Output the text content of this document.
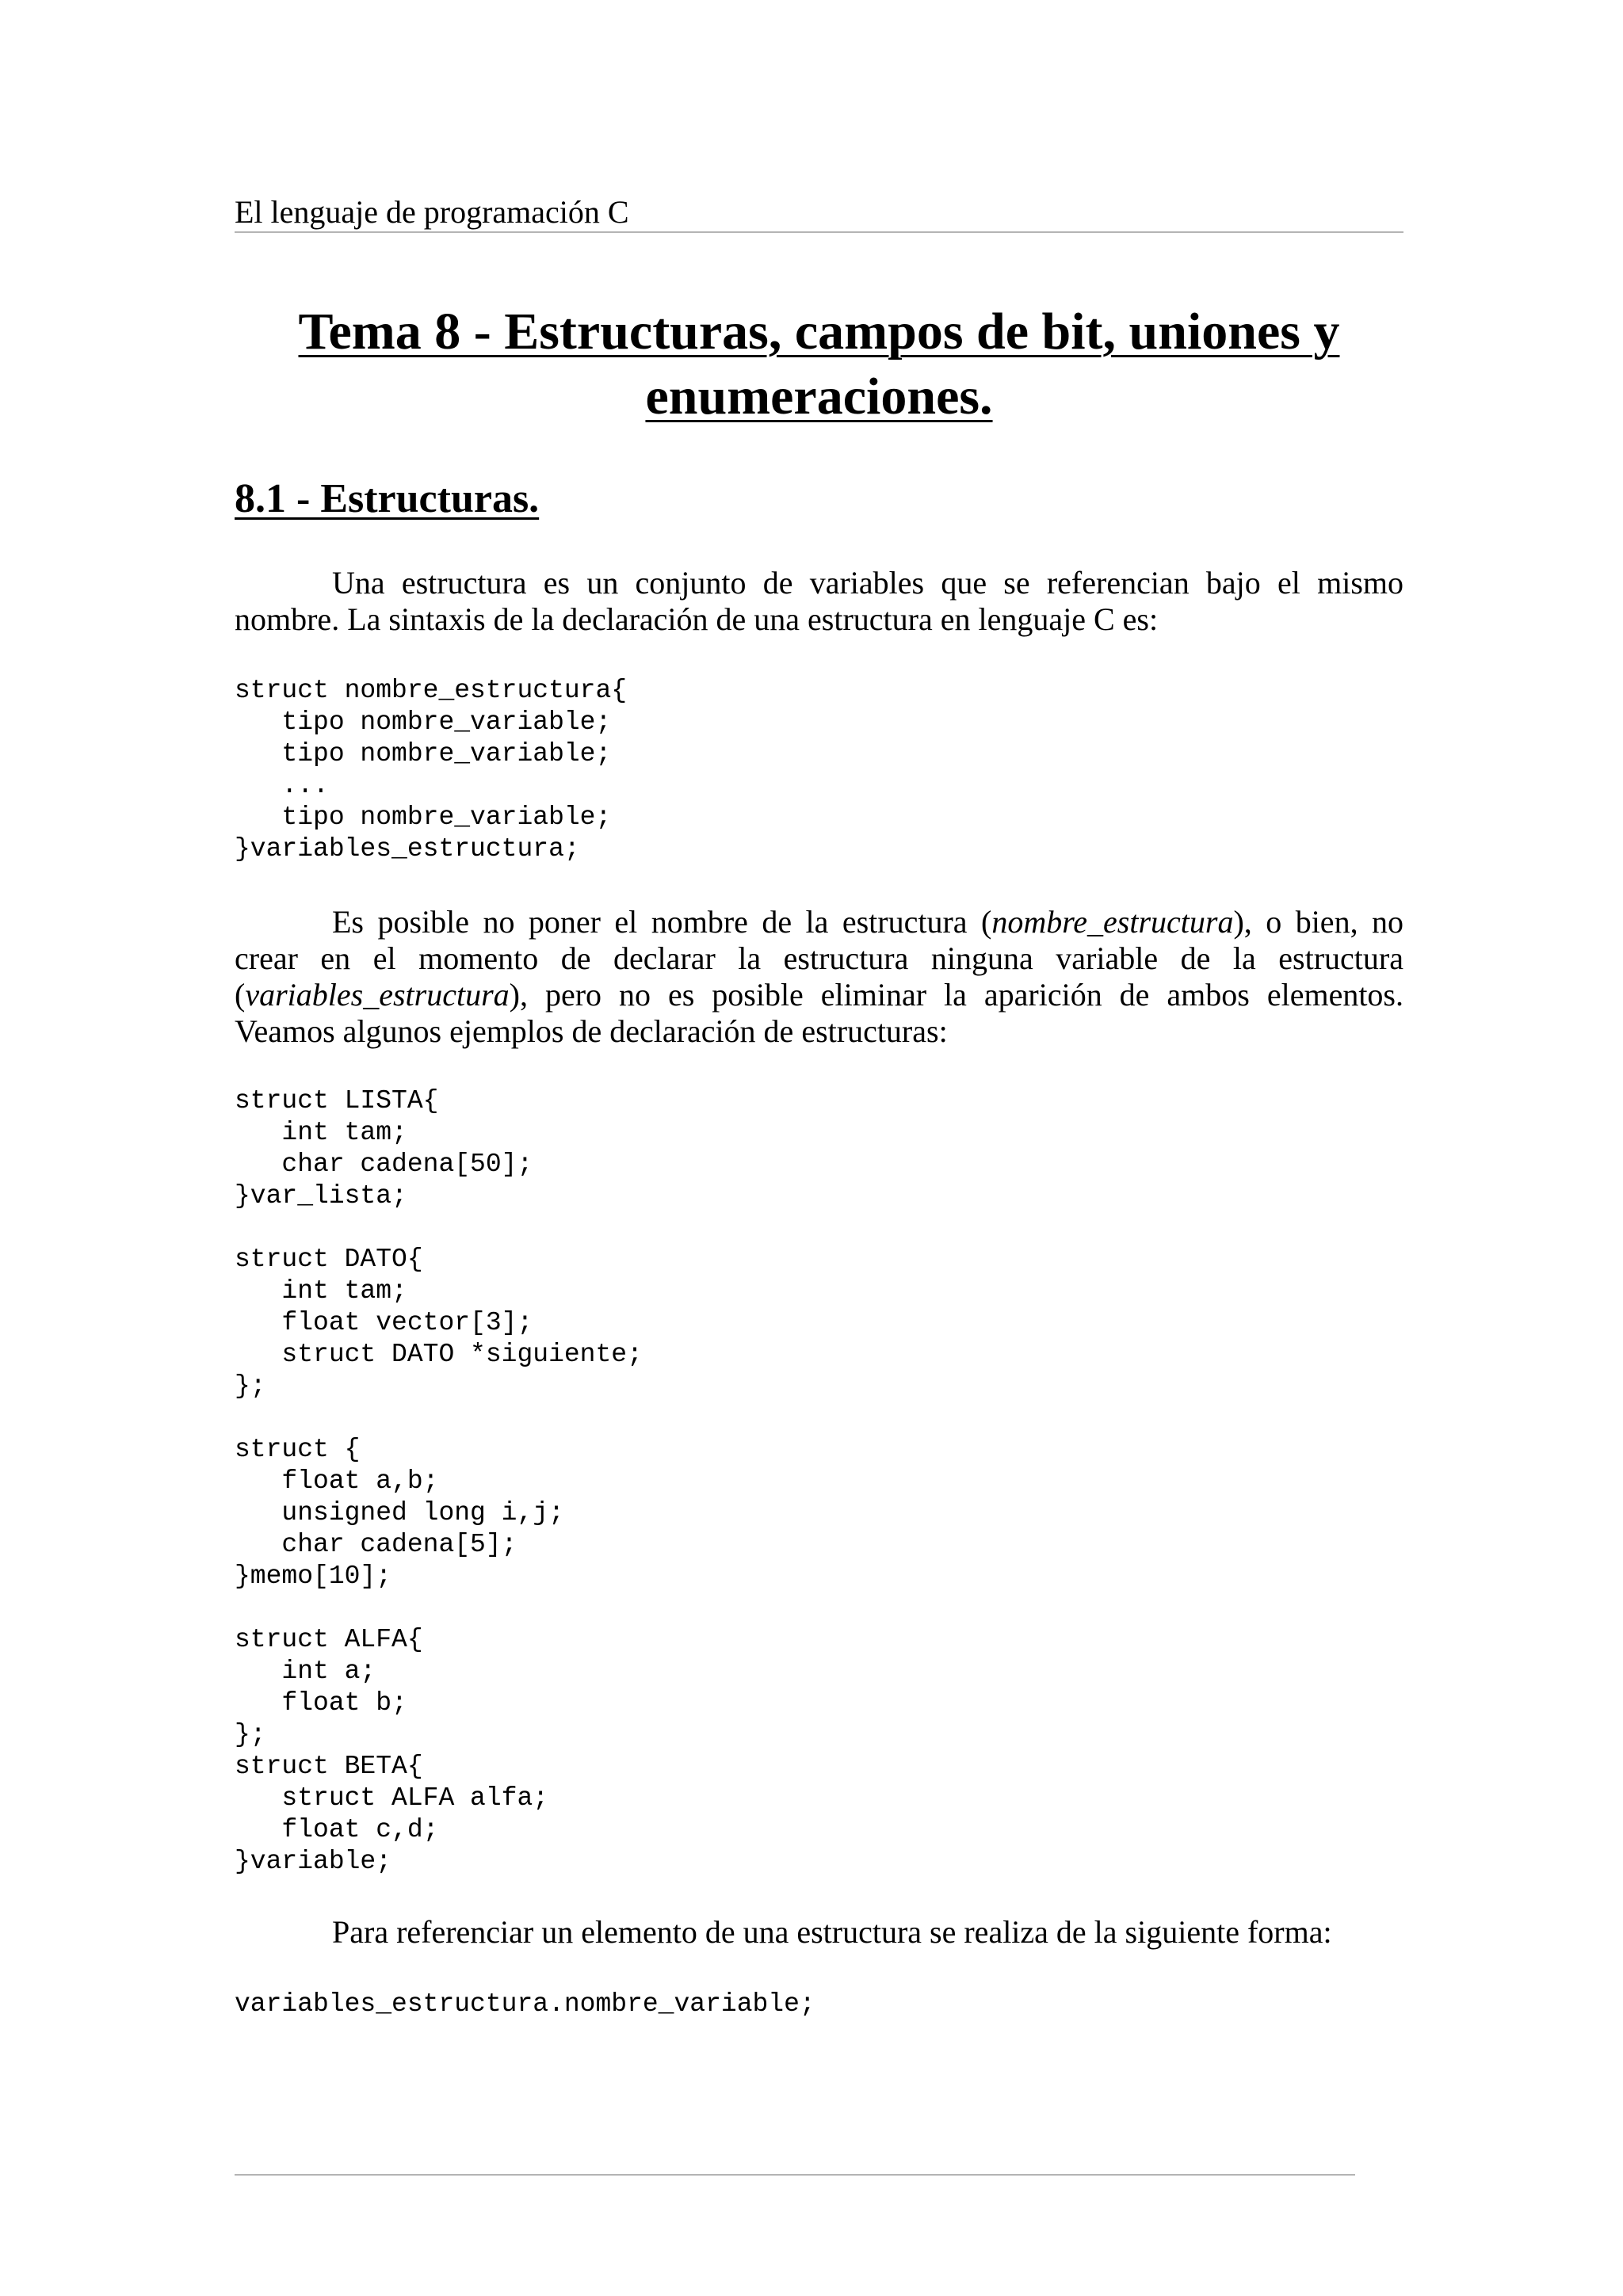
El lenguaje de programación C
Tema 8 - Estructuras, campos de bit, uniones y enumeraciones.
8.1 - Estructuras.

Una estructura es un conjunto de variables que se referencian bajo el mismo nombre. La sintaxis de la declaración de una estructura en lenguaje C es:

struct nombre_estructura{
tipo nombre_variable;
tipo nombre_variable;
...
tipo nombre_variable;
}variables_estructura;

Es posible no poner el nombre de la estructura (nombre_estructura), o bien, no crear en el momento de declarar la estructura ninguna variable de la estructura (variables_estructura), pero no es posible eliminar la aparición de ambos elementos. Veamos algunos ejemplos de declaración de estructuras:

struct LISTA{
int tam;
char cadena[50];
}var_lista;

struct DATO{
int tam;
float vector[3];
struct DATO *siguiente;
};

struct {
float a,b;
unsigned long i,j;
char cadena[5];
}memo[10];

struct ALFA{
int a;
float b;
};
struct BETA{
struct ALFA alfa;
float c,d;
}variable;

Para referenciar un elemento de una estructura se realiza de la siguiente forma:

variables_estructura.nombre_variable;
